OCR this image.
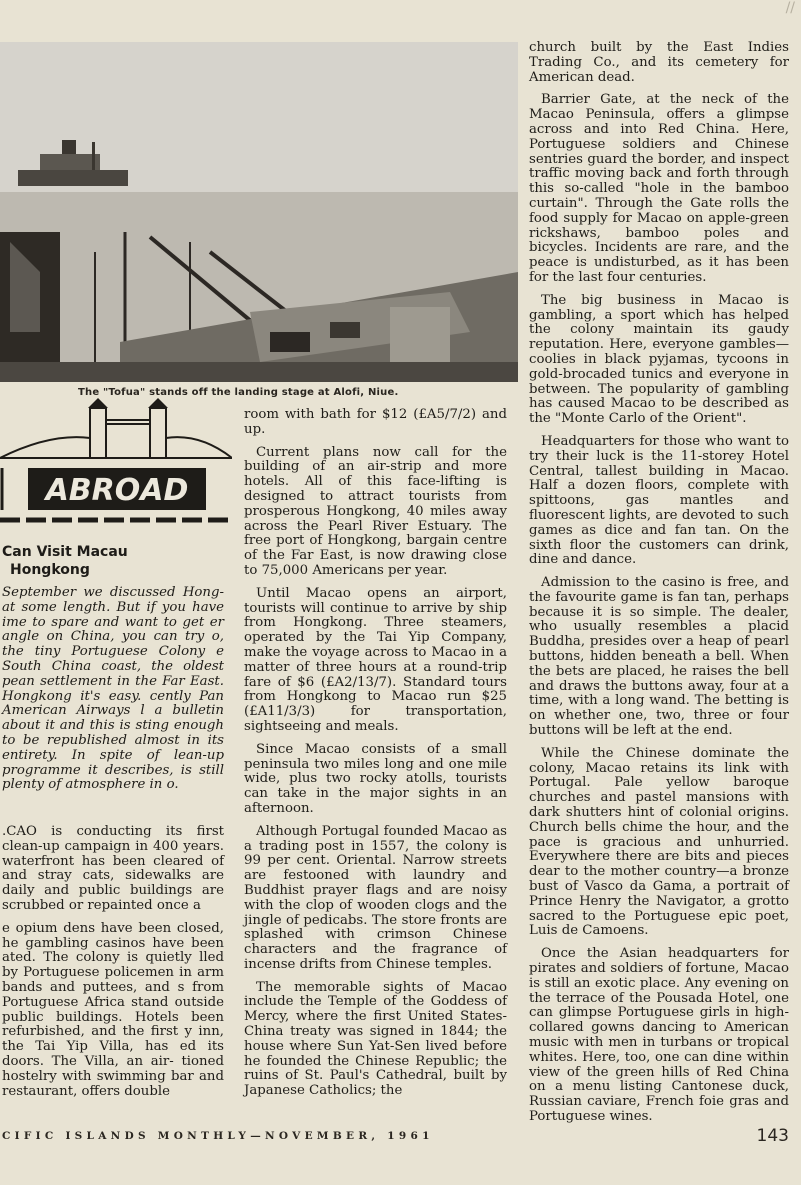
//
The "Tofua" stands off the landing stage at Alofi, Niue.
ABROAD
Can Visit Macau
Hongkong

September we discussed Hong- at some length. But if you have ime to spare and want to get er angle on China, you can try o, the tiny Portuguese Colony e South China coast, the oldest pean settlement in the Far East. Hongkong it's easy. cently Pan American Airways l a bulletin about it and this is sting enough to be republished almost in its entirety. In spite of lean-up programme it describes, is still plenty of atmosphere in o.

.CAO is conducting its first clean-up campaign in 400 years. waterfront has been cleared of and stray cats, sidewalks are daily and public buildings are scrubbed or repainted once a

e opium dens have been closed, he gambling casinos have been ated. The colony is quietly lled by Portuguese policemen in arm bands and puttees, and s from Portuguese Africa stand outside public buildings. Hotels been refurbished, and the first y inn, the Tai Yip Villa, has ed its doors. The Villa, an air- tioned hostelry with swimming bar and restaurant, offers double

room with bath for $12 (£A5/7/2) and up.

Current plans now call for the building of an air-strip and more hotels. All of this face-lifting is designed to attract tourists from prosperous Hongkong, 40 miles away across the Pearl River Estuary. The free port of Hongkong, bargain centre of the Far East, is now drawing close to 75,000 Americans per year.

Until Macao opens an airport, tourists will continue to arrive by ship from Hongkong. Three steamers, operated by the Tai Yip Company, make the voyage across to Macao in a matter of three hours at a round-trip fare of $6 (£A2/13/7). Standard tours from Hongkong to Macao run $25 (£A11/3/3) for transportation, sightseeing and meals.

Since Macao consists of a small peninsula two miles long and one mile wide, plus two rocky atolls, tourists can take in the major sights in an afternoon.

Although Portugal founded Macao as a trading post in 1557, the colony is 99 per cent. Oriental. Narrow streets are festooned with laundry and Buddhist prayer flags and are noisy with the clop of wooden clogs and the jingle of pedicabs. The store fronts are splashed with crimson Chinese characters and the fragrance of incense drifts from Chinese temples.

The memorable sights of Macao include the Temple of the Goddess of Mercy, where the first United States-China treaty was signed in 1844; the house where Sun Yat-Sen lived before he founded the Chinese Republic; the ruins of St. Paul's Cathedral, built by Japanese Catholics; the

church built by the East Indies Trading Co., and its cemetery for American dead.

Barrier Gate, at the neck of the Macao Peninsula, offers a glimpse across and into Red China. Here, Portuguese soldiers and Chinese sentries guard the border, and inspect traffic moving back and forth through this so-called "hole in the bamboo curtain". Through the Gate rolls the food supply for Macao on apple-green rickshaws, bamboo poles and bicycles. Incidents are rare, and the peace is undisturbed, as it has been for the last four centuries.

The big business in Macao is gambling, a sport which has helped the colony maintain its gaudy reputation. Here, everyone gambles— coolies in black pyjamas, tycoons in gold-brocaded tunics and everyone in between. The popularity of gambling has caused Macao to be described as the "Monte Carlo of the Orient".

Headquarters for those who want to try their luck is the 11-storey Hotel Central, tallest building in Macao. Half a dozen floors, complete with spittoons, gas mantles and fluorescent lights, are devoted to such games as dice and fan tan. On the sixth floor the customers can drink, dine and dance.

Admission to the casino is free, and the favourite game is fan tan, perhaps because it is so simple. The dealer, who usually resembles a placid Buddha, presides over a heap of pearl buttons, hidden beneath a bell. When the bets are placed, he raises the bell and draws the buttons away, four at a time, with a long wand. The betting is on whether one, two, three or four buttons will be left at the end.

While the Chinese dominate the colony, Macao retains its link with Portugal. Pale yellow baroque churches and pastel mansions with dark shutters hint of colonial origins. Church bells chime the hour, and the pace is gracious and unhurried. Everywhere there are bits and pieces dear to the mother country—a bronze bust of Vasco da Gama, a portrait of Prince Henry the Navigator, a grotto sacred to the Portuguese epic poet, Luis de Camoens.

Once the Asian headquarters for pirates and soldiers of fortune, Macao is still an exotic place. Any evening on the terrace of the Pousada Hotel, one can glimpse Portuguese girls in high-collared gowns dancing to American music with men in turbans or tropical whites. Here, too, one can dine within view of the green hills of Red China on a menu listing Cantonese duck, Russian caviare, French foie gras and Portuguese wines.

CIFIC ISLANDS MONTHLY—NOVEMBER, 1961	143
